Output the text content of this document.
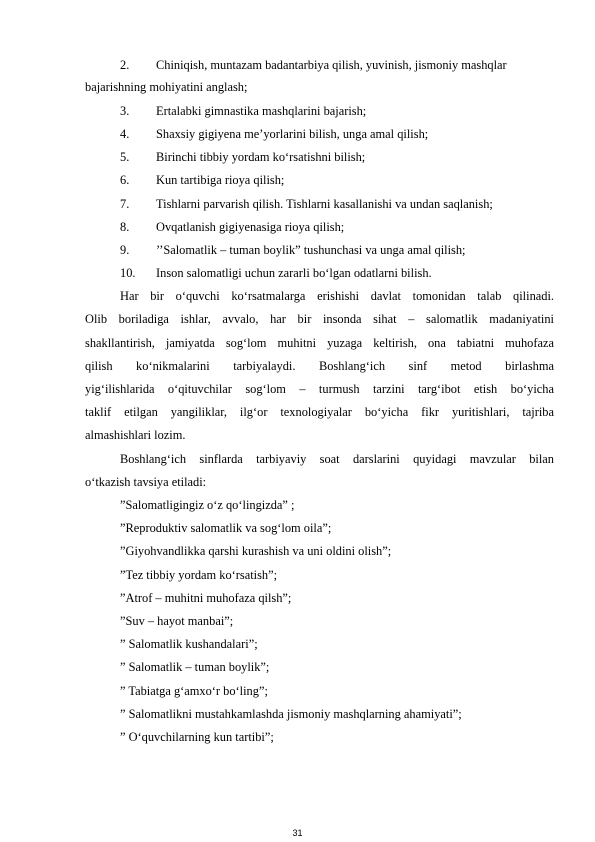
2. Chiniqish, muntazam badantarbiya qilish, yuvinish, jismoniy mashqlar
bajarishning mohiyatini anglash;
3. Ertalabki gimnastika mashqlarini bajarish;
4. Shaxsiy gigiyena me’yorlarini bilish, unga amal qilish;
5. Birinchi tibbiy yordam ko‘rsatishni bilish;
6. Kun tartibiga rioya qilish;
7. Tishlarni parvarish qilish. Tishlarni kasallanishi va undan saqlanish;
8. Ovqatlanish gigiyenasiga rioya qilish;
9. ’’Salomatlik – tuman boylik” tushunchasi va unga amal qilish;
10. Inson salomatligi uchun zararli bo‘lgan odatlarni bilish.
Har bir o‘quvchi ko‘rsatmalarga erishishi davlat tomonidan talab qilinadi.
Olib boriladiga ishlar, avvalo, har bir insonda sihat – salomatlik madaniyatini
shakllantirish, jamiyatda sog‘lom muhitni yuzaga keltirish, ona tabiatni muhofaza
qilish ko‘nikmalarini tarbiyalaydi. Boshlang‘ich sinf metod birlashma
yig‘ilishlarida o‘qituvchilar sog‘lom – turmush tarzini targ‘ibot etish bo‘yicha
taklif etilgan yangiliklar, ilg‘or texnologiyalar bo‘yicha fikr yuritishlari, tajriba
almashishlari lozim.
Boshlang‘ich sinflarda tarbiyaviy soat darslarini quyidagi mavzular bilan
o‘tkazish tavsiya etiladi:
”Salomatligingiz o‘z qo‘lingizda” ;
”Reproduktiv salomatlik va sog‘lom oila”;
”Giyohvandlikka qarshi kurashish va uni oldini olish”;
”Tez tibbiy yordam ko‘rsatish”;
”Atrof – muhitni muhofaza qilsh”;
”Suv – hayot manbai”;
” Salomatlik kushandalari”;
” Salomatlik – tuman boylik”;
” Tabiatga g‘amxo‘r bo‘ling”;
” Salomatlikni mustahkamlashda jismoniy mashqlarning ahamiyati”;
” O‘quvchilarning kun tartibi”;
31
